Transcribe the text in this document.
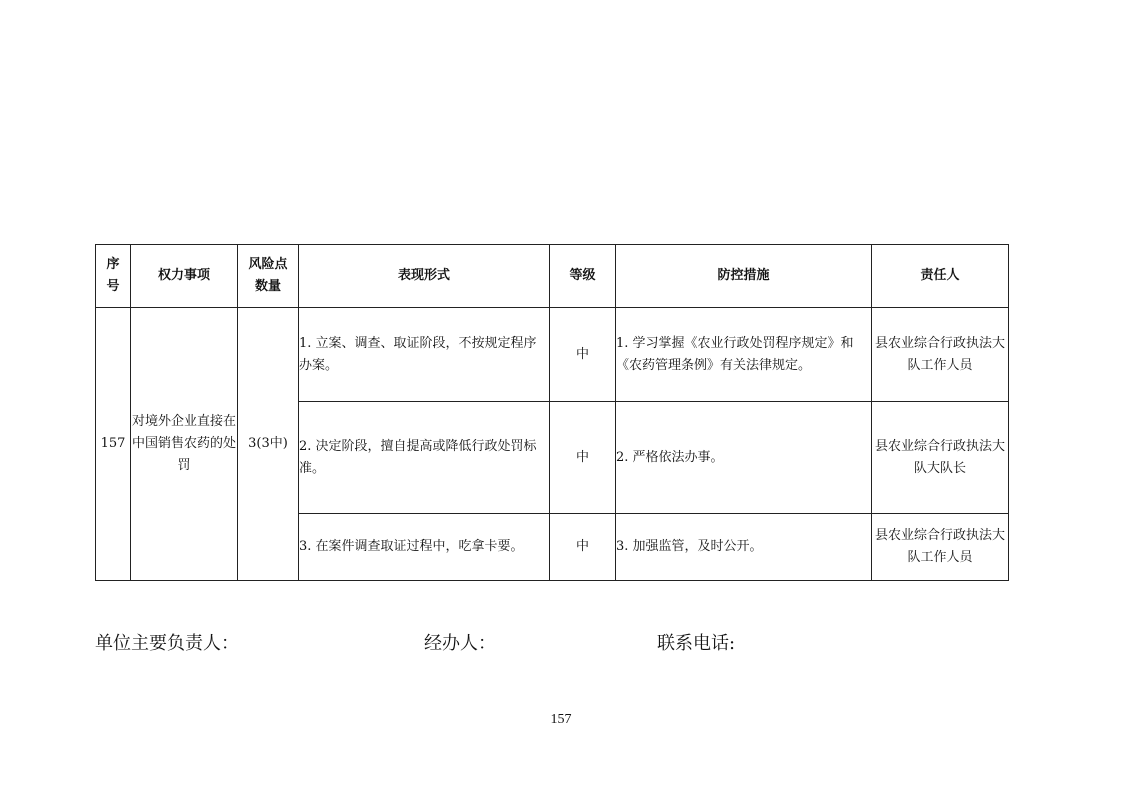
序号	权力事项	风险点数量	表现形式	等级	防控措施	责任人
157	对境外企业直接在中国销售农药的处罚	3(3中)	1. 立案、调查、取证阶段，不按规定程序办案。	中	1. 学习掌握《农业行政处罚程序规定》和《农药管理条例》有关法律规定。	县农业综合行政执法大队工作人员
			2. 决定阶段，擅自提高或降低行政处罚标准。	中	2. 严格依法办事。	县农业综合行政执法大队大队长
			3. 在案件调查取证过程中，吃拿卡要。	中	3. 加强监管，及时公开。	县农业综合行政执法大队工作人员
单位主要负责人：	经办人：	联系电话:
157
